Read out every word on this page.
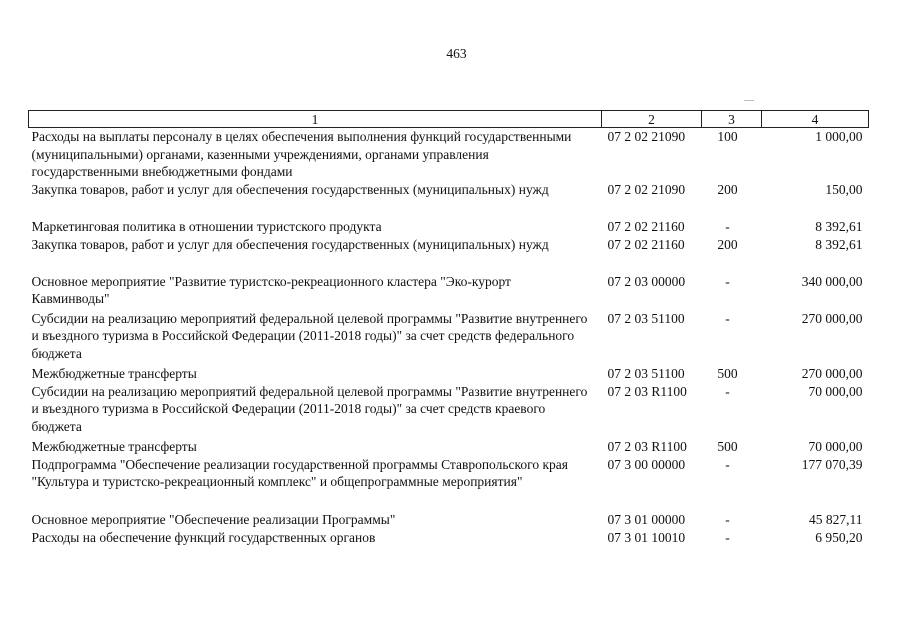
463
1	2	3	4
Расходы на выплаты персоналу в целях обеспечения выполнения функций государственными (муниципальными) органами, казенными учреждениями, органами управления государственными внебюджетными фондами	07 2 02 21090	100	1 000,00
Закупка товаров, работ и услуг для обеспечения государственных (муниципальных) нужд	07 2 02 21090	200	150,00
Маркетинговая политика в отношении туристского продукта	07 2 02 21160	-	8 392,61
Закупка товаров, работ и услуг для обеспечения государственных (муниципальных) нужд	07 2 02 21160	200	8 392,61
Основное мероприятие "Развитие туристско-рекреационного кластера "Эко-курорт Кавминводы"	07 2 03 00000	-	340 000,00
Субсидии на реализацию мероприятий федеральной целевой программы "Развитие внутреннего и въездного туризма в Российской Федерации (2011-2018 годы)" за счет средств федерального бюджета	07 2 03 51100	-	270 000,00
Межбюджетные трансферты	07 2 03 51100	500	270 000,00
Субсидии на реализацию мероприятий федеральной целевой программы "Развитие внутреннего и въездного туризма в Российской Федерации (2011-2018 годы)" за счет средств краевого бюджета	07 2 03 R1100	-	70 000,00
Межбюджетные трансферты	07 2 03 R1100	500	70 000,00
Подпрограмма "Обеспечение реализации государственной программы Ставропольского края "Культура и туристско-рекреационный комплекс" и общепрограммные мероприятия"	07 3 00 00000	-	177 070,39
Основное мероприятие "Обеспечение реализации Программы"	07 3 01 00000	-	45 827,11
Расходы на обеспечение функций государственных органов	07 3 01 10010	-	6 950,20
